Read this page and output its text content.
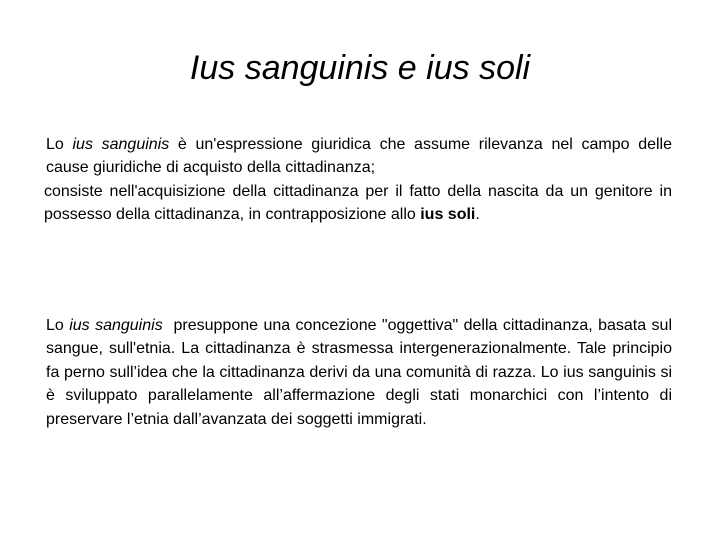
Ius sanguinis e ius soli

Lo ius sanguinis è un'espressione giuridica che assume rilevanza nel campo delle cause giuridiche di acquisto della cittadinanza;

consiste nell'acquisizione della cittadinanza per il fatto della nascita da un genitore in possesso della cittadinanza, in contrapposizione allo ius soli.

Lo ius sanguinis  presuppone una concezione "oggettiva" della cittadinanza, basata sul sangue, sull'etnia. La cittadinanza è strasmessa intergenerazionalmente. Tale principio fa perno sull’idea che la cittadinanza derivi da una comunità di razza. Lo ius sanguinis si è sviluppato parallelamente all’affermazione degli stati monarchici con l’intento di preservare l’etnia dall’avanzata dei soggetti immigrati.
